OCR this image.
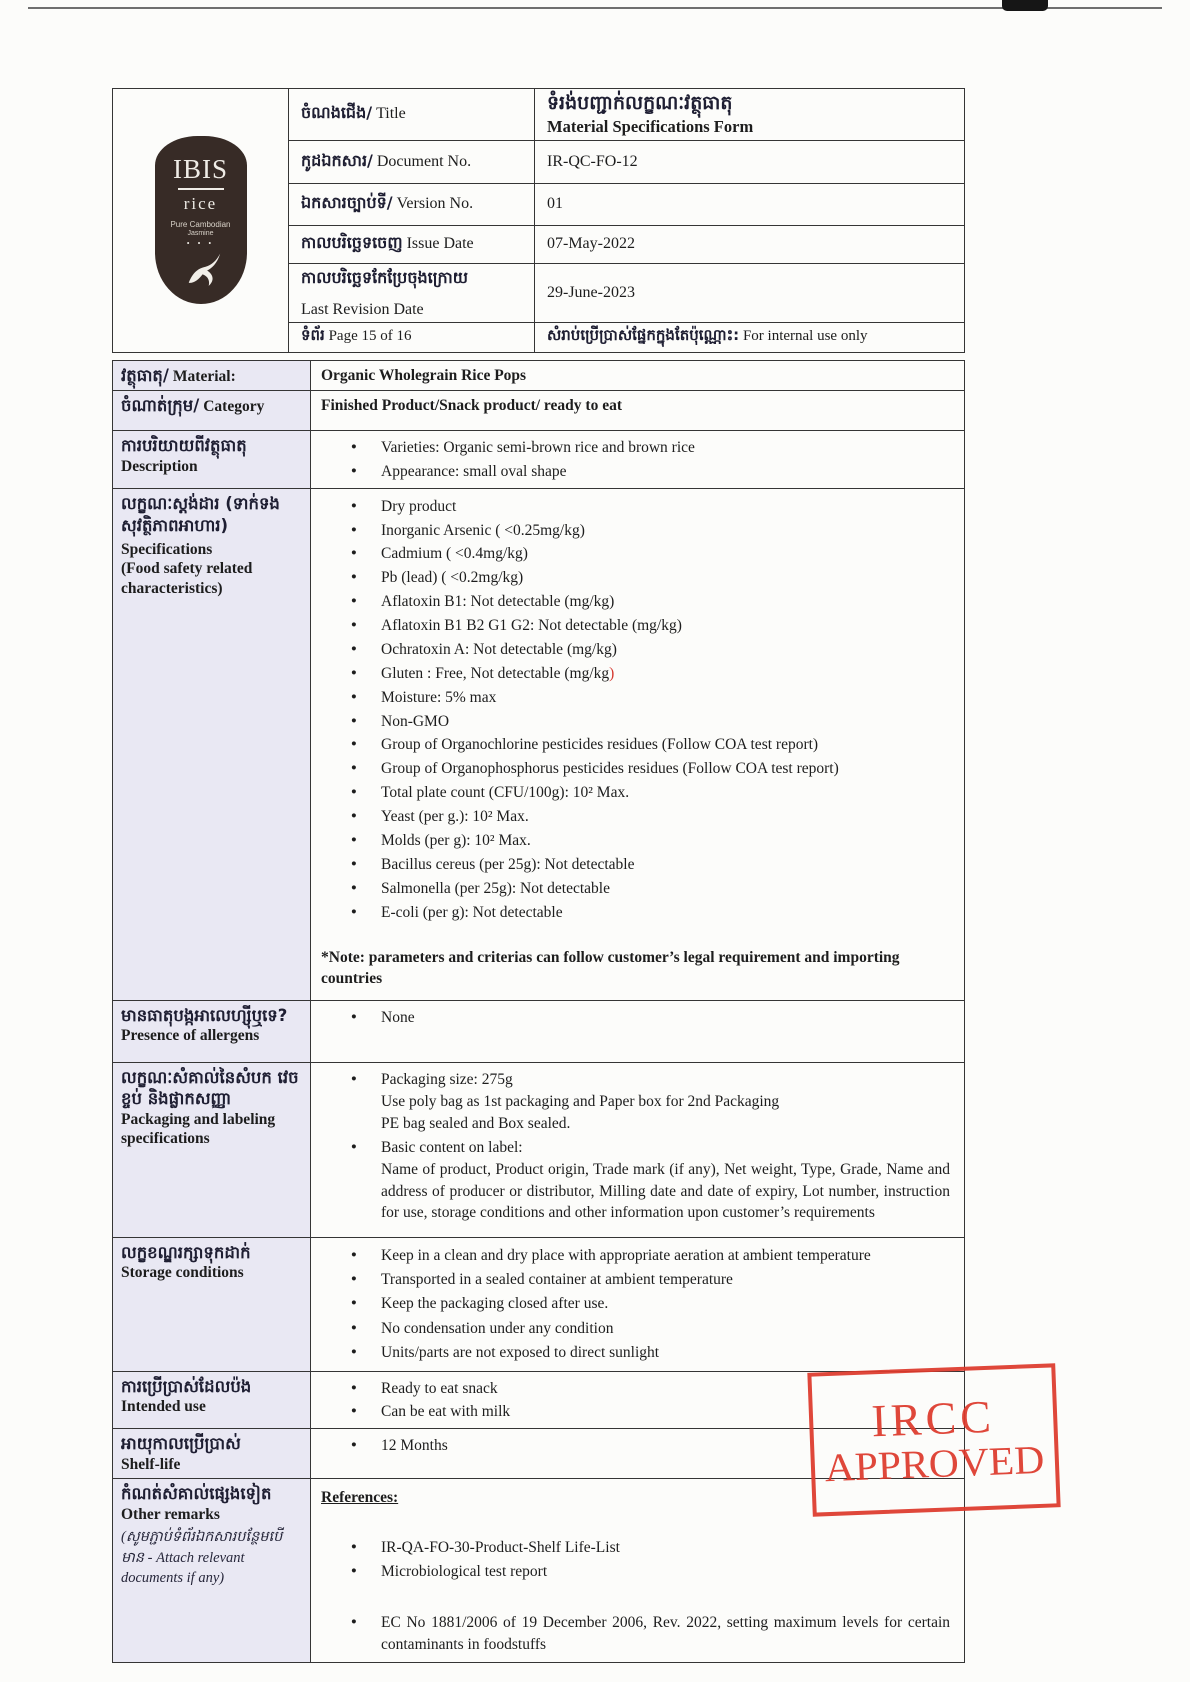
IBIS
rice
Pure Cambodian
Jasmine
• • •
	ចំណងជើង/ Title	ទំរង់បញ្ជាក់លក្ខណៈវត្ថុធាតុ
Material Specifications Form

	កូដឯកសារ/ Document No.	IR-QC-FO-12
	ឯកសារច្បាប់ទី/ Version No.	01
	កាលបរិច្ឆេទចេញ Issue Date	07-May-2022

	កាលបរិច្ឆេទកែប្រែចុងក្រោយ
Last Revision Date	29-June-2023
	ទំព័រ Page 15 of 16	សំរាប់ប្រើប្រាស់ផ្នែកក្នុងតែប៉ុណ្ណោះ: For internal use only
វត្ថុធាតុ/ Material:	Organic Wholegrain Rice Pops

ចំណាត់ក្រុម/ Category	Finished Product/Snack product/ ready to eat

ការបរិយាយពីវត្ថុធាតុ
Description

●	Varieties: Organic semi-brown rice and brown rice
●	Appearance: small oval shape

លក្ខណៈស្តង់ដារ (ទាក់ទងសុវត្ថិភាពអាហារ)
Specifications
(Food safety related characteristics)

●	Dry product
●	Inorganic Arsenic ( <0.25mg/kg)
●	Cadmium ( <0.4mg/kg)
●	Pb (lead) ( <0.2mg/kg)
●	Aflatoxin B1: Not detectable (mg/kg)
●	Aflatoxin B1 B2 G1 G2: Not detectable (mg/kg)
●	Ochratoxin A: Not detectable (mg/kg)
●	Gluten : Free, Not detectable (mg/kg)
●	Moisture: 5% max
●	Non-GMO
●	Group of Organochlorine pesticides residues (Follow COA test report)
●	Group of Organophosphorus pesticides residues (Follow COA test report)
●	Total plate count (CFU/100g): 10² Max.
●	Yeast (per g.): 10² Max.
●	Molds (per g): 10² Max.
●	Bacillus cereus (per 25g): Not detectable
●	Salmonella (per 25g): Not detectable
●	E-coli (per g): Not detectable
*Note: parameters and criterias can follow customer’s legal requirement and importing countries

មានធាតុបង្កអាលេហ្ស៊ីឬទេ?
Presence of allergens	● None

លក្ខណៈសំគាល់នៃសំបក វេចខ្ចប់ និងផ្លាកសញ្ញា
Packaging and labeling specifications

●	Packaging size: 275g
Use poly bag as 1st packaging and Paper box for 2nd Packaging
PE bag sealed and Box sealed.
●	Basic content on label:
Name of product, Product origin, Trade mark (if any), Net weight, Type, Grade, Name and address of producer or distributor, Milling date and date of expiry, Lot number, instruction for use, storage conditions and other information upon customer’s requirements

លក្ខខណ្ឌរក្សាទុកដាក់
Storage conditions

●	Keep in a clean and dry place with appropriate aeration at ambient temperature
●	Transported in a sealed container at ambient temperature
●	Keep the packaging closed after use.
●	No condensation under any condition
●	Units/parts are not exposed to direct sunlight

ការប្រើប្រាស់ដែលប៉ង
Intended use

●	Ready to eat snack
●	Can be eat with milk

អាយុកាលប្រើប្រាស់
Shelf-life	● 12 Months

កំណត់សំគាល់ផ្សេងទៀត
Other remarks
(សូមភ្ជាប់ទំព័រឯកសារបន្ថែមបើមាន - Attach relevant documents if any)

References:
●	IR-QA-FO-30-Product-Shelf Life-List
●	Microbiological test report
●	EC No 1881/2006 of 19 December 2006, Rev. 2022, setting maximum levels for certain contaminants in foodstuffs
IRCC
APPROVED
